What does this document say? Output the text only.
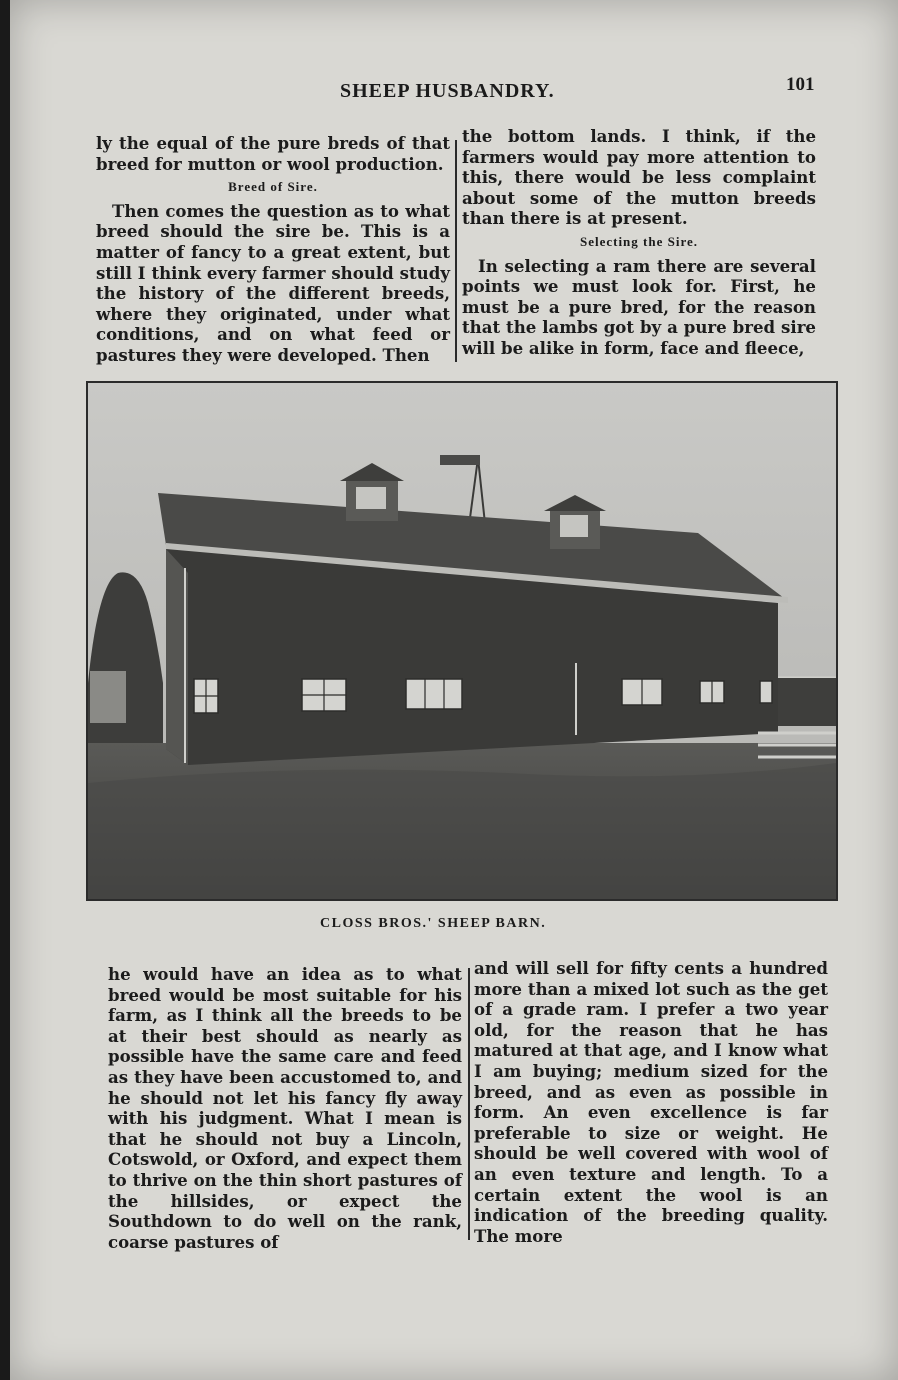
SHEEP HUSBANDRY.	101

ly the equal of the pure breds of that breed for mutton or wool production.

Breed of Sire.

Then comes the question as to what breed should the sire be. This is a matter of fancy to a great extent, but still I think every farmer should study the history of the different breeds, where they originated, under what conditions, and on what feed or pastures they were developed. Then

the bottom lands. I think, if the farmers would pay more attention to this, there would be less complaint about some of the mutton breeds than there is at present.

Selecting the Sire.

In selecting a ram there are several points we must look for. First, he must be a pure bred, for the reason that the lambs got by a pure bred sire will be alike in form, face and fleece,

CLOSS BROS.' SHEEP BARN.

he would have an idea as to what breed would be most suitable for his farm, as I think all the breeds to be at their best should as nearly as possible have the same care and feed as they have been accustomed to, and he should not let his fancy fly away with his judgment. What I mean is that he should not buy a Lincoln, Cotswold, or Oxford, and expect them to thrive on the thin short pastures of the hillsides, or expect the Southdown to do well on the rank, coarse pastures of

and will sell for fifty cents a hundred more than a mixed lot such as the get of a grade ram. I prefer a two year old, for the reason that he has matured at that age, and I know what I am buying; medium sized for the breed, and as even as possible in form. An even excellence is far preferable to size or weight. He should be well covered with wool of an even texture and length. To a certain extent the wool is an indication of the breeding quality. The more
